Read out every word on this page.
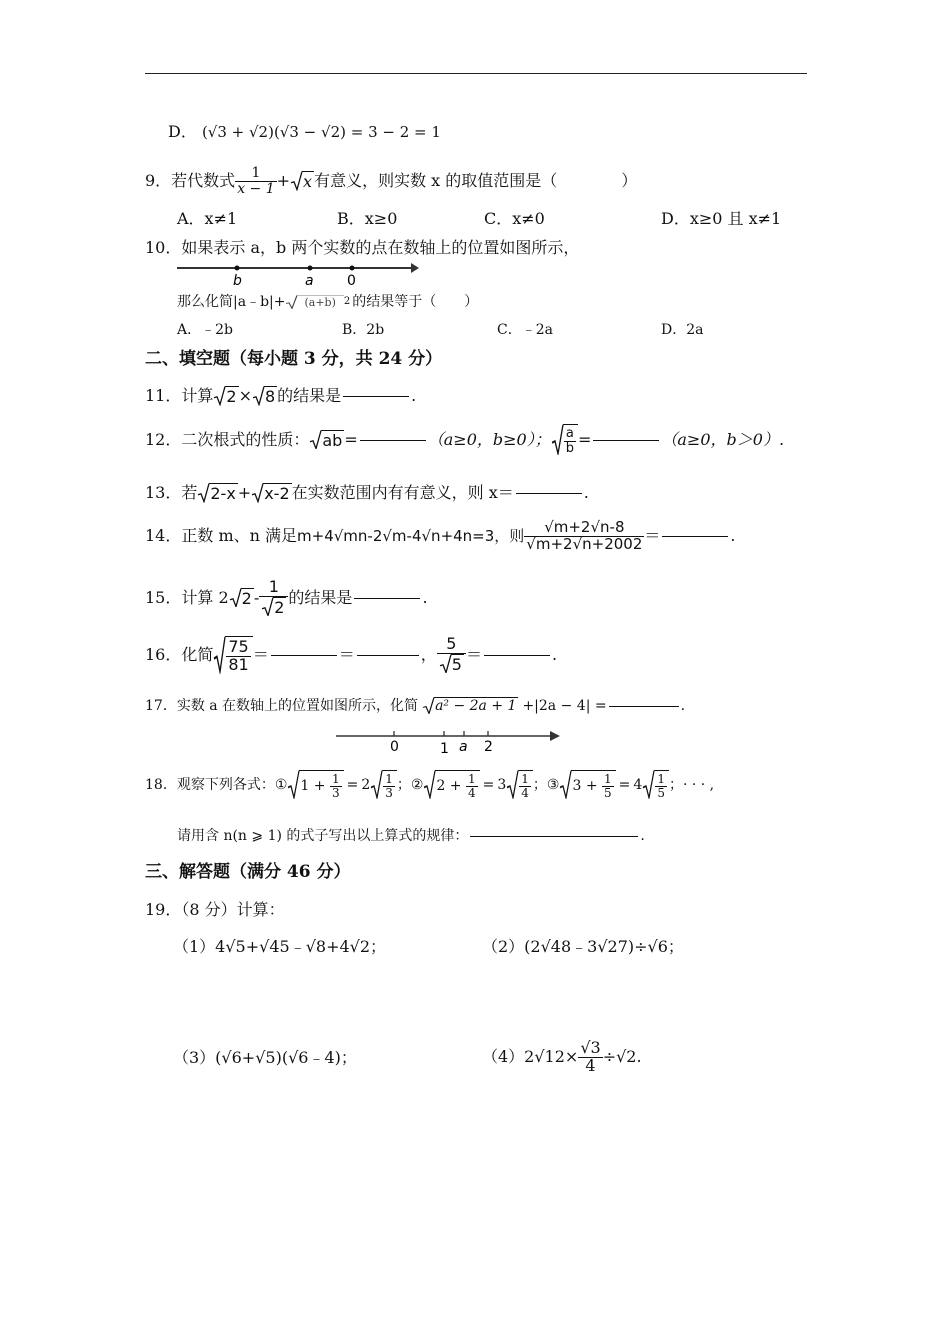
D． (√3 + √2)(√3 − √2) = 3 − 2 = 1
9．若代数式 $\frac{1}{x - 1} + x$ 有意义，则实数 x 的取值范围是（　　　　）
A．x≠1	B．x≥0	C．x≠0	D．x≥0 且 x≠1
10．如果表示 a，b 两个实数的点在数轴上的位置如图所示，
b	a 0
那么化简|a﹣b|+	(a+b) 2 的结果等于（　　）
A．﹣2b	B．2b	C．﹣2a	D．2a
二、填空题（每小题 3 分，共 24 分）
11．计算 2 × 8 的结果是	.
12．二次根式的性质： ab =	（a≥0，b≥0）； $\frac{a}{b}$ =	（a≥0，b＞0）.
13．若 2-x + x-2 在实数范围内有有意义，则 x＝	.
14．正数 m、n 满足 m+4√mn-2√m-4√n+4n=3，则 $\frac{√m+2√n-8}{√m+2√n+2002}$ ＝	.
15．计算 2 $2 - \frac{1}{2}$ 的结果是	.
16．化简 $\frac{75}{81}$ ＝	＝	， $\frac{5}{5}$ ＝	.
17．实数 a 在数轴上的位置如图所示，化简	a² − 2a + 1 +|2a − 4| =	.
0	1 a 2
18．观察下列各式： ① $1 + \frac{1}{3} = 2 \frac{1}{3}$ ； ② $2 + \frac{1}{4} = 3 \frac{1}{4}$ ； ③ $3 + \frac{1}{5} = 4 \frac{1}{5}$ ； · · · ,
请用含 n(n ⩾ 1) 的式子写出以上算式的规律：	.
三、解答题（满分 46 分）
19．（8 分）计算：
（1）4√5+√45﹣√8+4√2；	（2）(2√48﹣3√27)÷√6；
（3）(√6+√5)(√6﹣4)；	$(4)2√12\times \frac{√3}{4} \div√2$.
